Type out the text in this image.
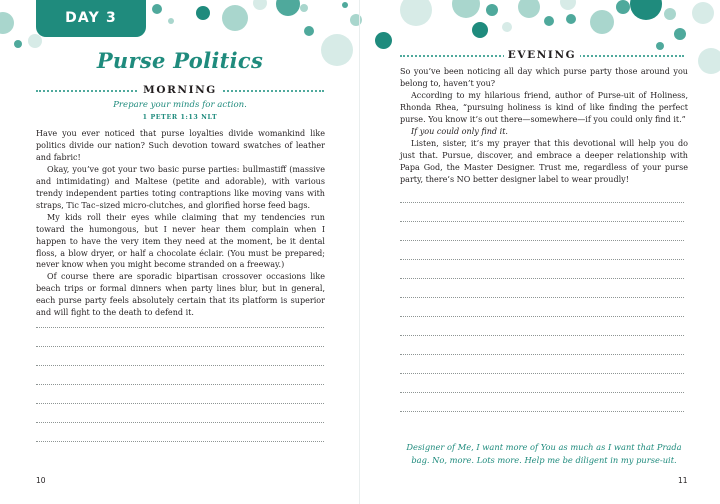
DAY 3
Purse Politics
MORNING
Prepare your minds for action.
1 PETER 1:13 NLT

Have you ever noticed that purse loyalties divide womankind like politics divide our nation? Such devotion toward swatches of leather and fabric!

Okay, you’ve got your two basic purse parties: bullmastiff (massive and intimidating) and Maltese (petite and adorable), with various trendy independent parties toting contraptions like moving vans with straps, Tic Tac–sized micro-clutches, and glorified horse feed bags.

My kids roll their eyes while claiming that my tendencies run toward the humongous, but I never hear them complain when I happen to have the very item they need at the moment, be it dental floss, a blow dryer, or half a chocolate éclair. (You must be prepared; never know when you might become stranded on a freeway.)

Of course there are sporadic bipartisan crossover occasions like beach trips or formal dinners when party lines blur, but in general, each purse party feels absolutely certain that its platform is superior and will fight to the death to defend it.

10
EVENING

So you’ve been noticing all day which purse party those around you belong to, haven’t you?

According to my hilarious friend, author of Purse-uit of Holiness, Rhonda Rhea, “pursuing holiness is kind of like finding the perfect purse. You know it’s out there—somewhere—if you could only find it.”

If you could only find it.

Listen, sister, it’s my prayer that this devotional will help you do just that. Pursue, discover, and embrace a deeper relationship with Papa God, the Master Designer. Trust me, regardless of your purse party, there’s NO better designer label to wear proudly!

11
Designer of Me, I want more of You as much as I want that Prada bag. No, more. Lots more. Help me be diligent in my purse-uit.
